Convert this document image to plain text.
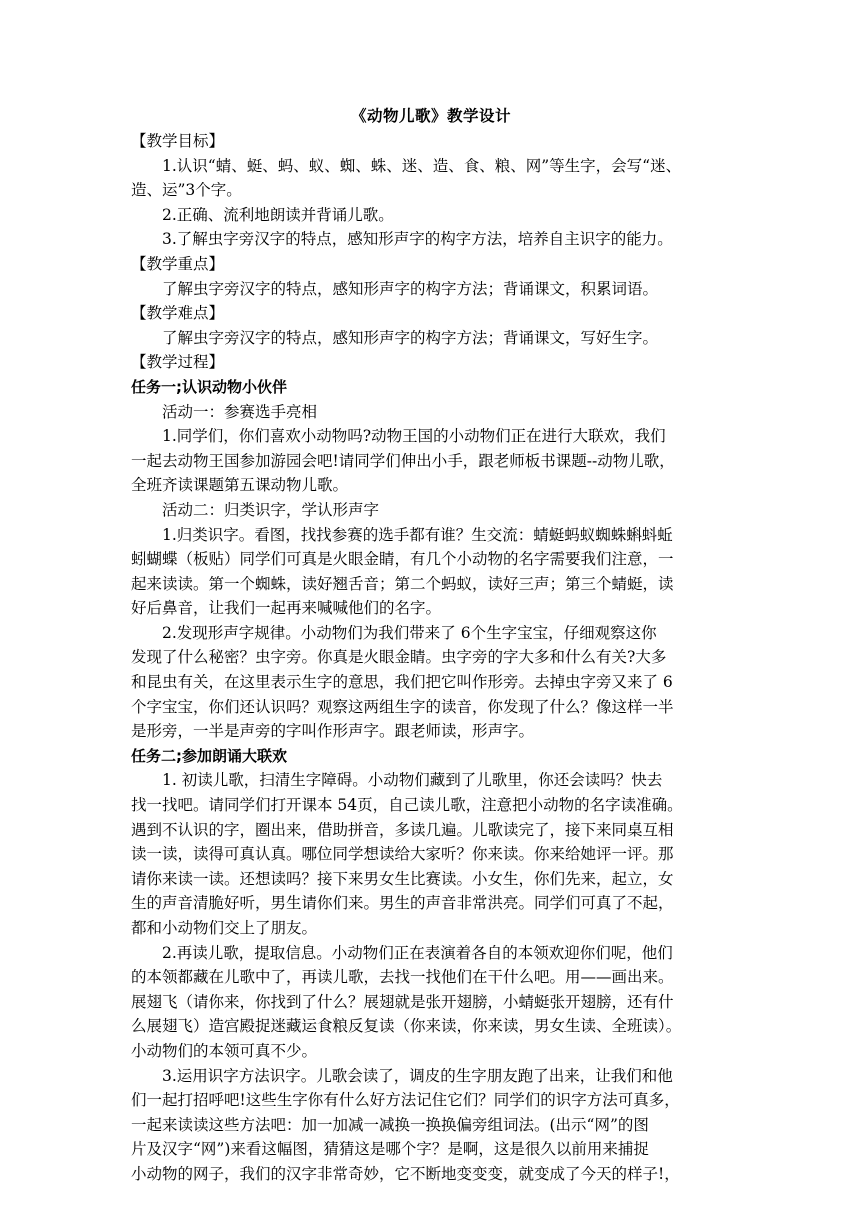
《动物儿歌》教学设计
【教学目标】
1.认识“蜻、蜓、蚂、蚁、蜘、蛛、迷、造、食、粮、网”等生字，会写“迷、
造、运”3个字。
2.正确、流利地朗读并背诵儿歌。
3.了解虫字旁汉字的特点，感知形声字的构字方法，培养自主识字的能力。
【教学重点】
了解虫字旁汉字的特点，感知形声字的构字方法；背诵课文，积累词语。
【教学难点】
了解虫字旁汉字的特点，感知形声字的构字方法；背诵课文，写好生字。
【教学过程】
任务一;认识动物小伙伴
活动一：参赛选手亮相
1.同学们，你们喜欢小动物吗?动物王国的小动物们正在进行大联欢，我们
一起去动物王国参加游园会吧!请同学们伸出小手，跟老师板书课题--动物儿歌，
全班齐读课题第五课动物儿歌。
活动二：归类识字，学认形声字
1.归类识字。看图，找找参赛的选手都有谁？生交流：蜻蜓蚂蚁蜘蛛蝌蚪蚯
蚓蝴蝶（板贴）同学们可真是火眼金睛，有几个小动物的名字需要我们注意，一
起来读读。第一个蜘蛛，读好翘舌音；第二个蚂蚁，读好三声；第三个蜻蜓，读
好后鼻音，让我们一起再来喊喊他们的名字。
2.发现形声字规律。小动物们为我们带来了 6个生字宝宝，仔细观察这你
发现了什么秘密？虫字旁。你真是火眼金睛。虫字旁的字大多和什么有关?大多
和昆虫有关，在这里表示生字的意思，我们把它叫作形旁。去掉虫字旁又来了 6
个字宝宝，你们还认识吗？观察这两组生字的读音，你发现了什么？像这样一半
是形旁，一半是声旁的字叫作形声字。跟老师读，形声字。
任务二;参加朗诵大联欢
1. 初读儿歌，扫清生字障碍。小动物们藏到了儿歌里，你还会读吗？快去
找一找吧。请同学们打开课本 54页，自己读儿歌，注意把小动物的名字读准确。
遇到不认识的字，圈出来，借助拼音，多读几遍。儿歌读完了，接下来同桌互相
读一读，读得可真认真。哪位同学想读给大家听？你来读。你来给她评一评。那
请你来读一读。还想读吗？接下来男女生比赛读。小女生，你们先来，起立，女
生的声音清脆好听，男生请你们来。男生的声音非常洪亮。同学们可真了不起，
都和小动物们交上了朋友。
2.再读儿歌，提取信息。小动物们正在表演着各自的本领欢迎你们呢，他们
的本领都藏在儿歌中了，再读儿歌，去找一找他们在干什么吧。用——画出来。
展翅飞（请你来，你找到了什么？展翅就是张开翅膀，小蜻蜓张开翅膀，还有什
么展翅飞）造宫殿捉迷藏运食粮反复读（你来读，你来读，男女生读、全班读）。
小动物们的本领可真不少。
3.运用识字方法识字。儿歌会读了，调皮的生字朋友跑了出来，让我们和他
们一起打招呼吧!这些生字你有什么好方法记住它们？同学们的识字方法可真多，
一起来读读这些方法吧：加一加减一减换一换换偏旁组词法。(出示“网”的图
片及汉字“网”)来看这幅图，猜猜这是哪个字？是啊，这是很久以前用来捕捉
小动物的网子，我们的汉字非常奇妙，它不断地变变变，就变成了今天的样子!，
